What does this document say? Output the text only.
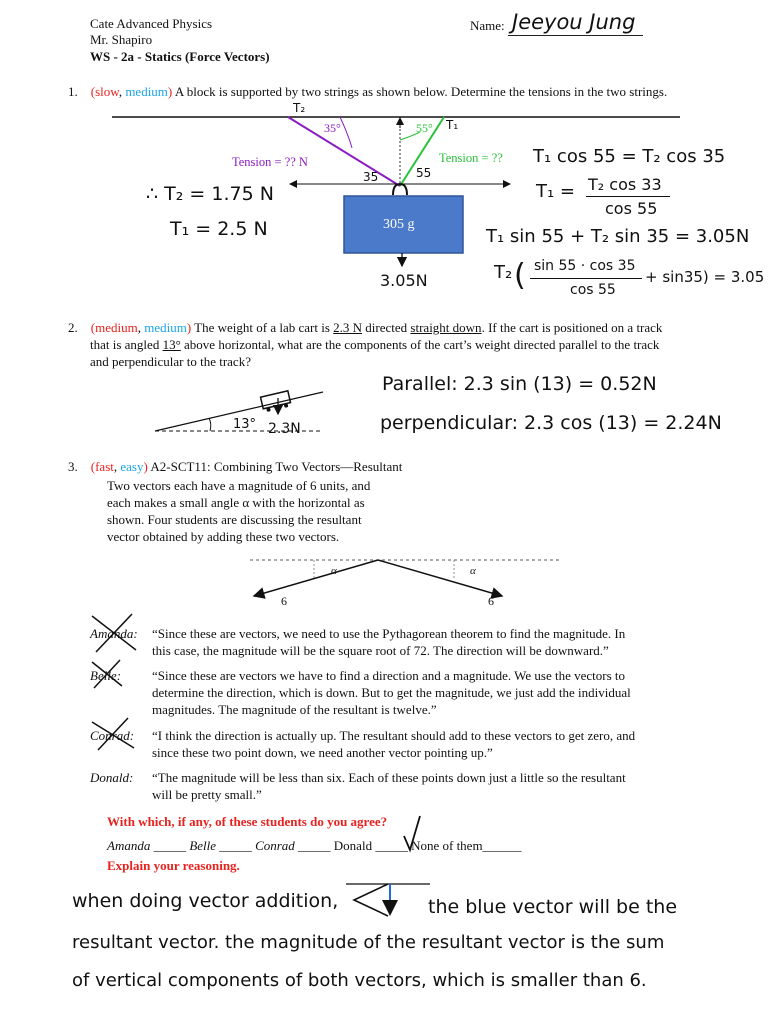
Cate Advanced Physics
Mr. Shapiro
WS - 2a - Statics (Force Vectors)
Name: Jeeyou Jung
1. (slow, medium) A block is supported by two strings as shown below. Determine the tensions in the two strings.
35°	55°
T₂
T₁
Tension = ?? N	Tension = ??
35	55
305 g
3.05N
∴ T₂ = 1.75 N
T₁ = 2.5 N
T₁ cos 55 = T₂ cos 35
T₁ = T₂ cos 33
cos 55
T₁ sin 55 + T₂ sin 35 = 3.05N
T₂ ( sin 55 · cos 35
cos 55
+ sin35) = 3.05
2. (medium, medium) The weight of a lab cart is 2.3 N directed straight down. If the cart is positioned on a track
that is angled 13° above horizontal, what are the components of the cart’s weight directed parallel to the track
and perpendicular to the track?
13° 2.3N
Parallel: 2.3 sin (13) = 0.52N
perpendicular: 2.3 cos (13) = 2.24N
3. (fast, easy) A2-SCT11: Combining Two Vectors—Resultant
Two vectors each have a magnitude of 6 units, and
each makes a small angle α with the horizontal as
shown. Four students are discussing the resultant
vector obtained by adding these two vectors.
α	α
6	6
Amanda: “Since these are vectors, we need to use the Pythagorean theorem to find the magnitude. In
this case, the magnitude will be the square root of 72. The direction will be downward.”
Belle: “Since these are vectors we have to find a direction and a magnitude. We use the vectors to
determine the direction, which is down. But to get the magnitude, we just add the individual
magnitudes. The magnitude of the resultant is twelve.”
Conrad: “I think the direction is actually up. The resultant should add to these vectors to get zero, and
since these two point down, we need another vector pointing up.”
Donald: “The magnitude will be less than six. Each of these points down just a little so the resultant
will be pretty small.”
With which, if any, of these students do you agree?
Amanda _____ Belle _____ Conrad _____ Donald _____ None of them______
Explain your reasoning.
when doing vector addition,	the blue vector will be the
resultant vector. the magnitude of the resultant vector is the sum
of vertical components of both vectors, which is smaller than 6.
